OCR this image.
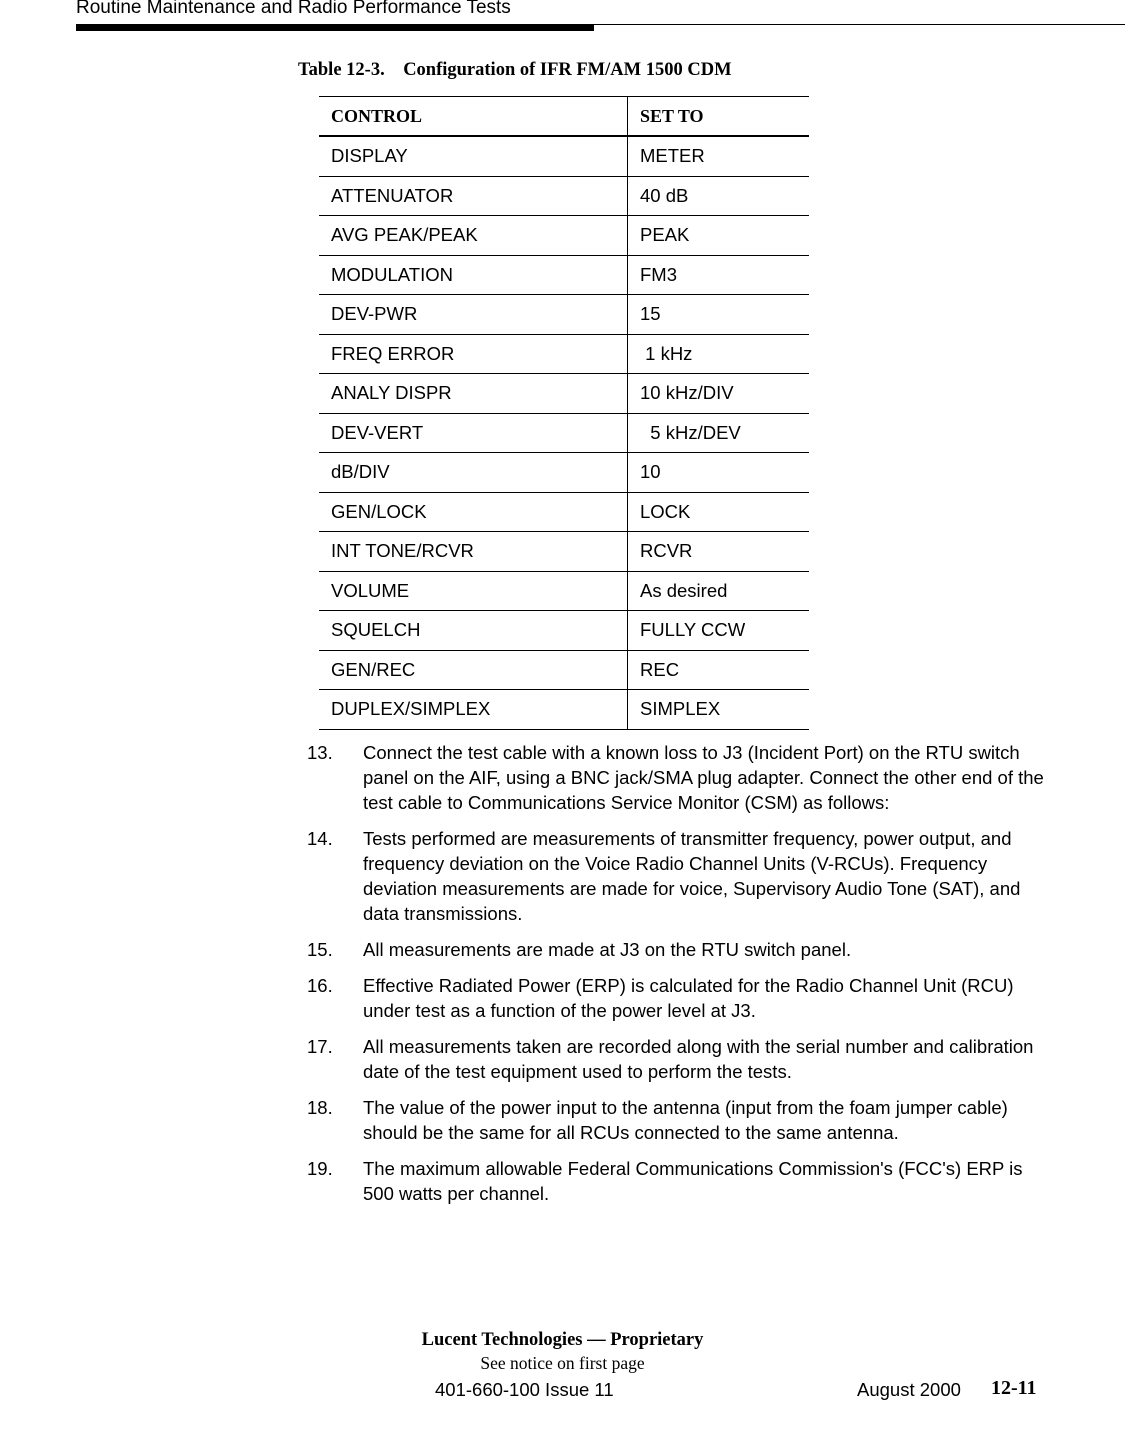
Routine Maintenance and Radio Performance Tests
Table 12-3.    Configuration of IFR FM/AM 1500 CDM
CONTROL	SET TO
DISPLAY	METER
ATTENUATOR	40 dB
AVG PEAK/PEAK	PEAK
MODULATION	FM3
DEV-PWR	15
FREQ ERROR	1 kHz
ANALY DISPR	10 kHz/DIV
DEV-VERT	5 kHz/DEV
dB/DIV	10
GEN/LOCK	LOCK
INT TONE/RCVR	RCVR
VOLUME	As desired
SQUELCH	FULLY CCW
GEN/REC	REC
DUPLEX/SIMPLEX	SIMPLEX
13.	Connect the test cable with a known loss to J3 (Incident Port) on the RTU switch panel on the AIF, using a BNC jack/SMA plug adapter. Connect the other end of the test cable to Communications Service Monitor (CSM) as follows:
14.	Tests performed are measurements of transmitter frequency, power output, and frequency deviation on the Voice Radio Channel Units (V-RCUs). Frequency deviation measurements are made for voice, Supervisory Audio Tone (SAT), and data transmissions.
15.	All measurements are made at J3 on the RTU switch panel.
16.	Effective Radiated Power (ERP) is calculated for the Radio Channel Unit (RCU) under test as a function of the power level at J3.
17.	All measurements taken are recorded along with the serial number and calibration date of the test equipment used to perform the tests.
18.	The value of the power input to the antenna (input from the foam jumper cable) should be the same for all RCUs connected to the same antenna.
19.	The maximum allowable Federal Communications Commission's (FCC's) ERP is 500 watts per channel.
Lucent Technologies — Proprietary
See notice on first page
401-660-100 Issue 11	August 2000 12-11
